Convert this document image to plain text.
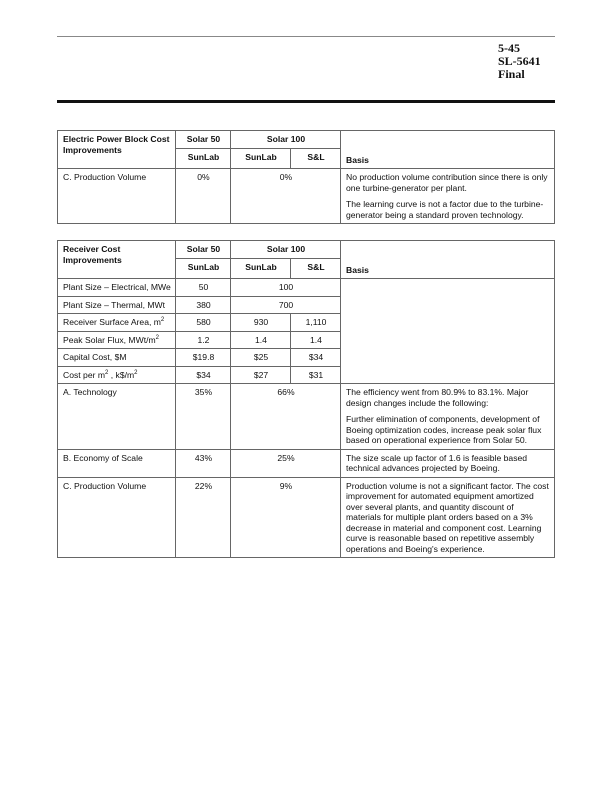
5-45
SL-5641
Final
Electric Power Block Cost Improvements	Solar 50	Solar 100		Basis
	SunLab	SunLab	S&L	
C. Production Volume	0%	0%		No production volume contribution since there is only one turbine-generator per plant.

The learning curve is not a factor due to the turbine-generator being a standard proven technology.

Receiver Cost Improvements	Solar 50	Solar 100		Basis
	SunLab	SunLab	S&L	
Plant Size – Electrical, MWe	50	100		
Plant Size – Thermal, MWt	380	700		
Receiver Surface Area, $m^2$	580	930	1,110	
Peak Solar Flux, MWt/$m^2$	1.2	1.4	1.4	
Capital Cost, $M	$19.8	$25	$34	
Cost per $m^2$ , $k\$/m^2$	$34	$27	$31	
A. Technology	35%	66%		The efficiency went from 80.9% to 83.1%. Major design changes include the following:

Further elimination of components, development of Boeing optimization codes, increase peak solar flux based on operational experience from Solar 50.

B. Economy of Scale	43%	25%		The size scale up factor of 1.6 is feasible based technical advances projected by Boeing.

C. Production Volume	22%	9%		Production volume is not a significant factor. The cost improvement for automated equipment amortized over several plants, and quantity discount of materials for multiple plant orders based on a 3% decrease in material and component cost. Learning curve is reasonable based on repetitive assembly operations and Boeing's experience.
